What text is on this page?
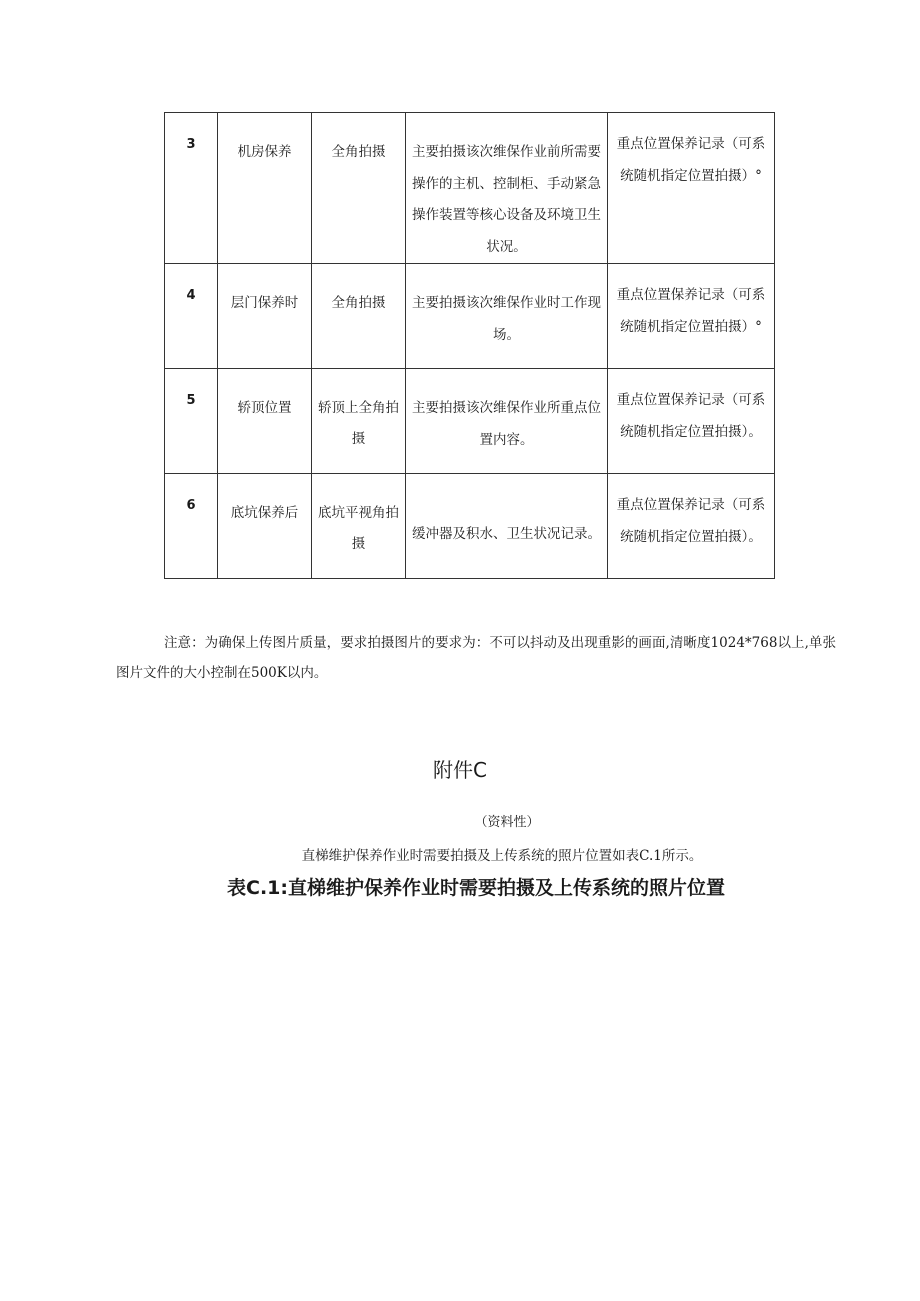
3	机房保养	全角拍摄	主要拍摄该次维保作业前所需要操作的主机、控制柜、手动紧急操作装置等核心设备及环境卫生状况。	重点位置保养记录（可系统随机指定位置拍摄）°
4	层门保养时	全角拍摄	主要拍摄该次维保作业时工作现场。	重点位置保养记录（可系统随机指定位置拍摄）°
5	轿顶位置	轿顶上全角拍摄	主要拍摄该次维保作业所重点位置内容。	重点位置保养记录（可系统随机指定位置拍摄）。
6	底坑保养后	底坑平视角拍摄	缓冲器及积水、卫生状况记录。	重点位置保养记录（可系统随机指定位置拍摄）。

注意：为确保上传图片质量，要求拍摄图片的要求为：不可以抖动及出现重影的画面,清晰度1024*768以上,单张图片文件的大小控制在500K以内。

附件C
（资料性）
直梯维护保养作业时需要拍摄及上传系统的照片位置如表C.1所示。
表C.1:直梯维护保养作业时需要拍摄及上传系统的照片位置
